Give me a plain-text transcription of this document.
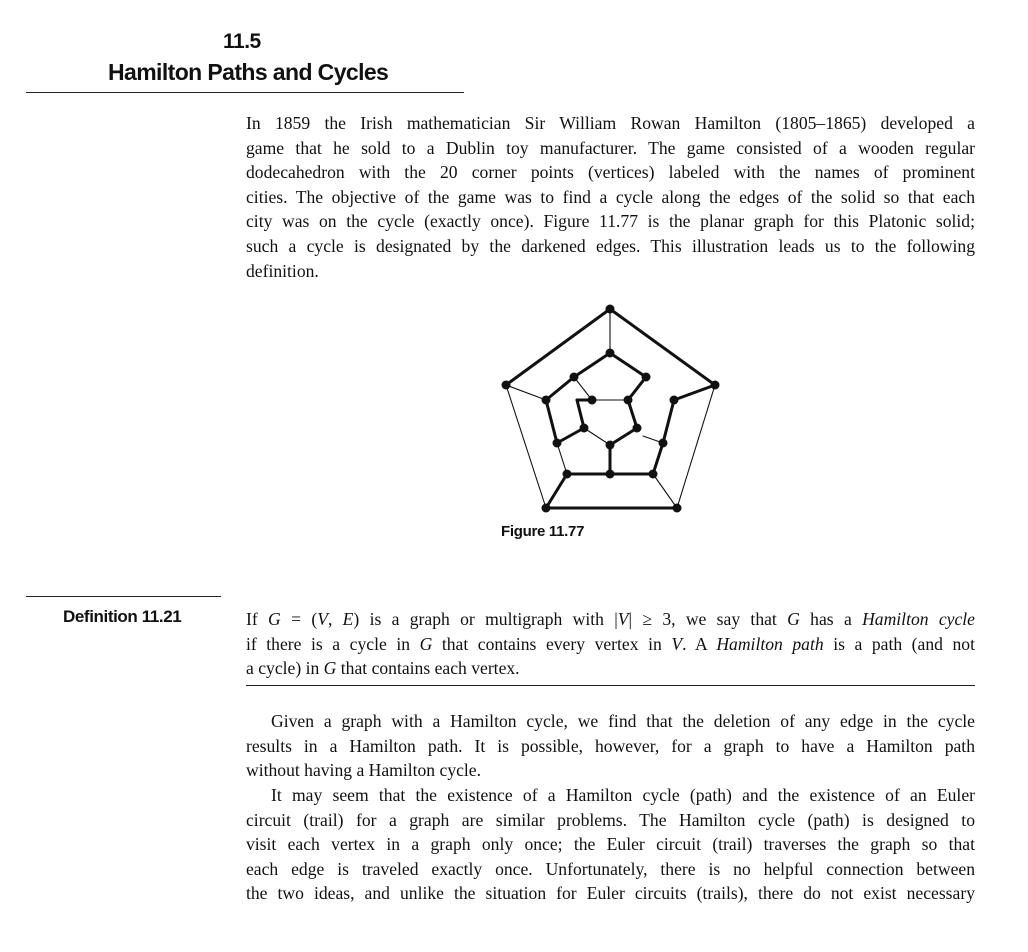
11.5
Hamilton Paths and Cycles

In 1859 the Irish mathematician Sir William Rowan Hamilton (1805–1865) developed a
game that he sold to a Dublin toy manufacturer. The game consisted of a wooden regular
dodecahedron with the 20 corner points (vertices) labeled with the names of prominent
cities. The objective of the game was to find a cycle along the edges of the solid so that each
city was on the cycle (exactly once). Figure 11.77 is the planar graph for this Platonic solid;
such a cycle is designated by the darkened edges. This illustration leads us to the following
definition.

Figure 11.77
Definition 11.21	If G = (V, E) is a graph or multigraph with |V| ≥ 3, we say that G has a Hamilton cycle
if there is a cycle in G that contains every vertex in V. A Hamilton path is a path (and not
a cycle) in G that contains each vertex.

Given a graph with a Hamilton cycle, we find that the deletion of any edge in the cycle
results in a Hamilton path. It is possible, however, for a graph to have a Hamilton path
without having a Hamilton cycle.

It may seem that the existence of a Hamilton cycle (path) and the existence of an Euler
circuit (trail) for a graph are similar problems. The Hamilton cycle (path) is designed to
visit each vertex in a graph only once; the Euler circuit (trail) traverses the graph so that
each edge is traveled exactly once. Unfortunately, there is no helpful connection between
the two ideas, and unlike the situation for Euler circuits (trails), there do not exist necessary
